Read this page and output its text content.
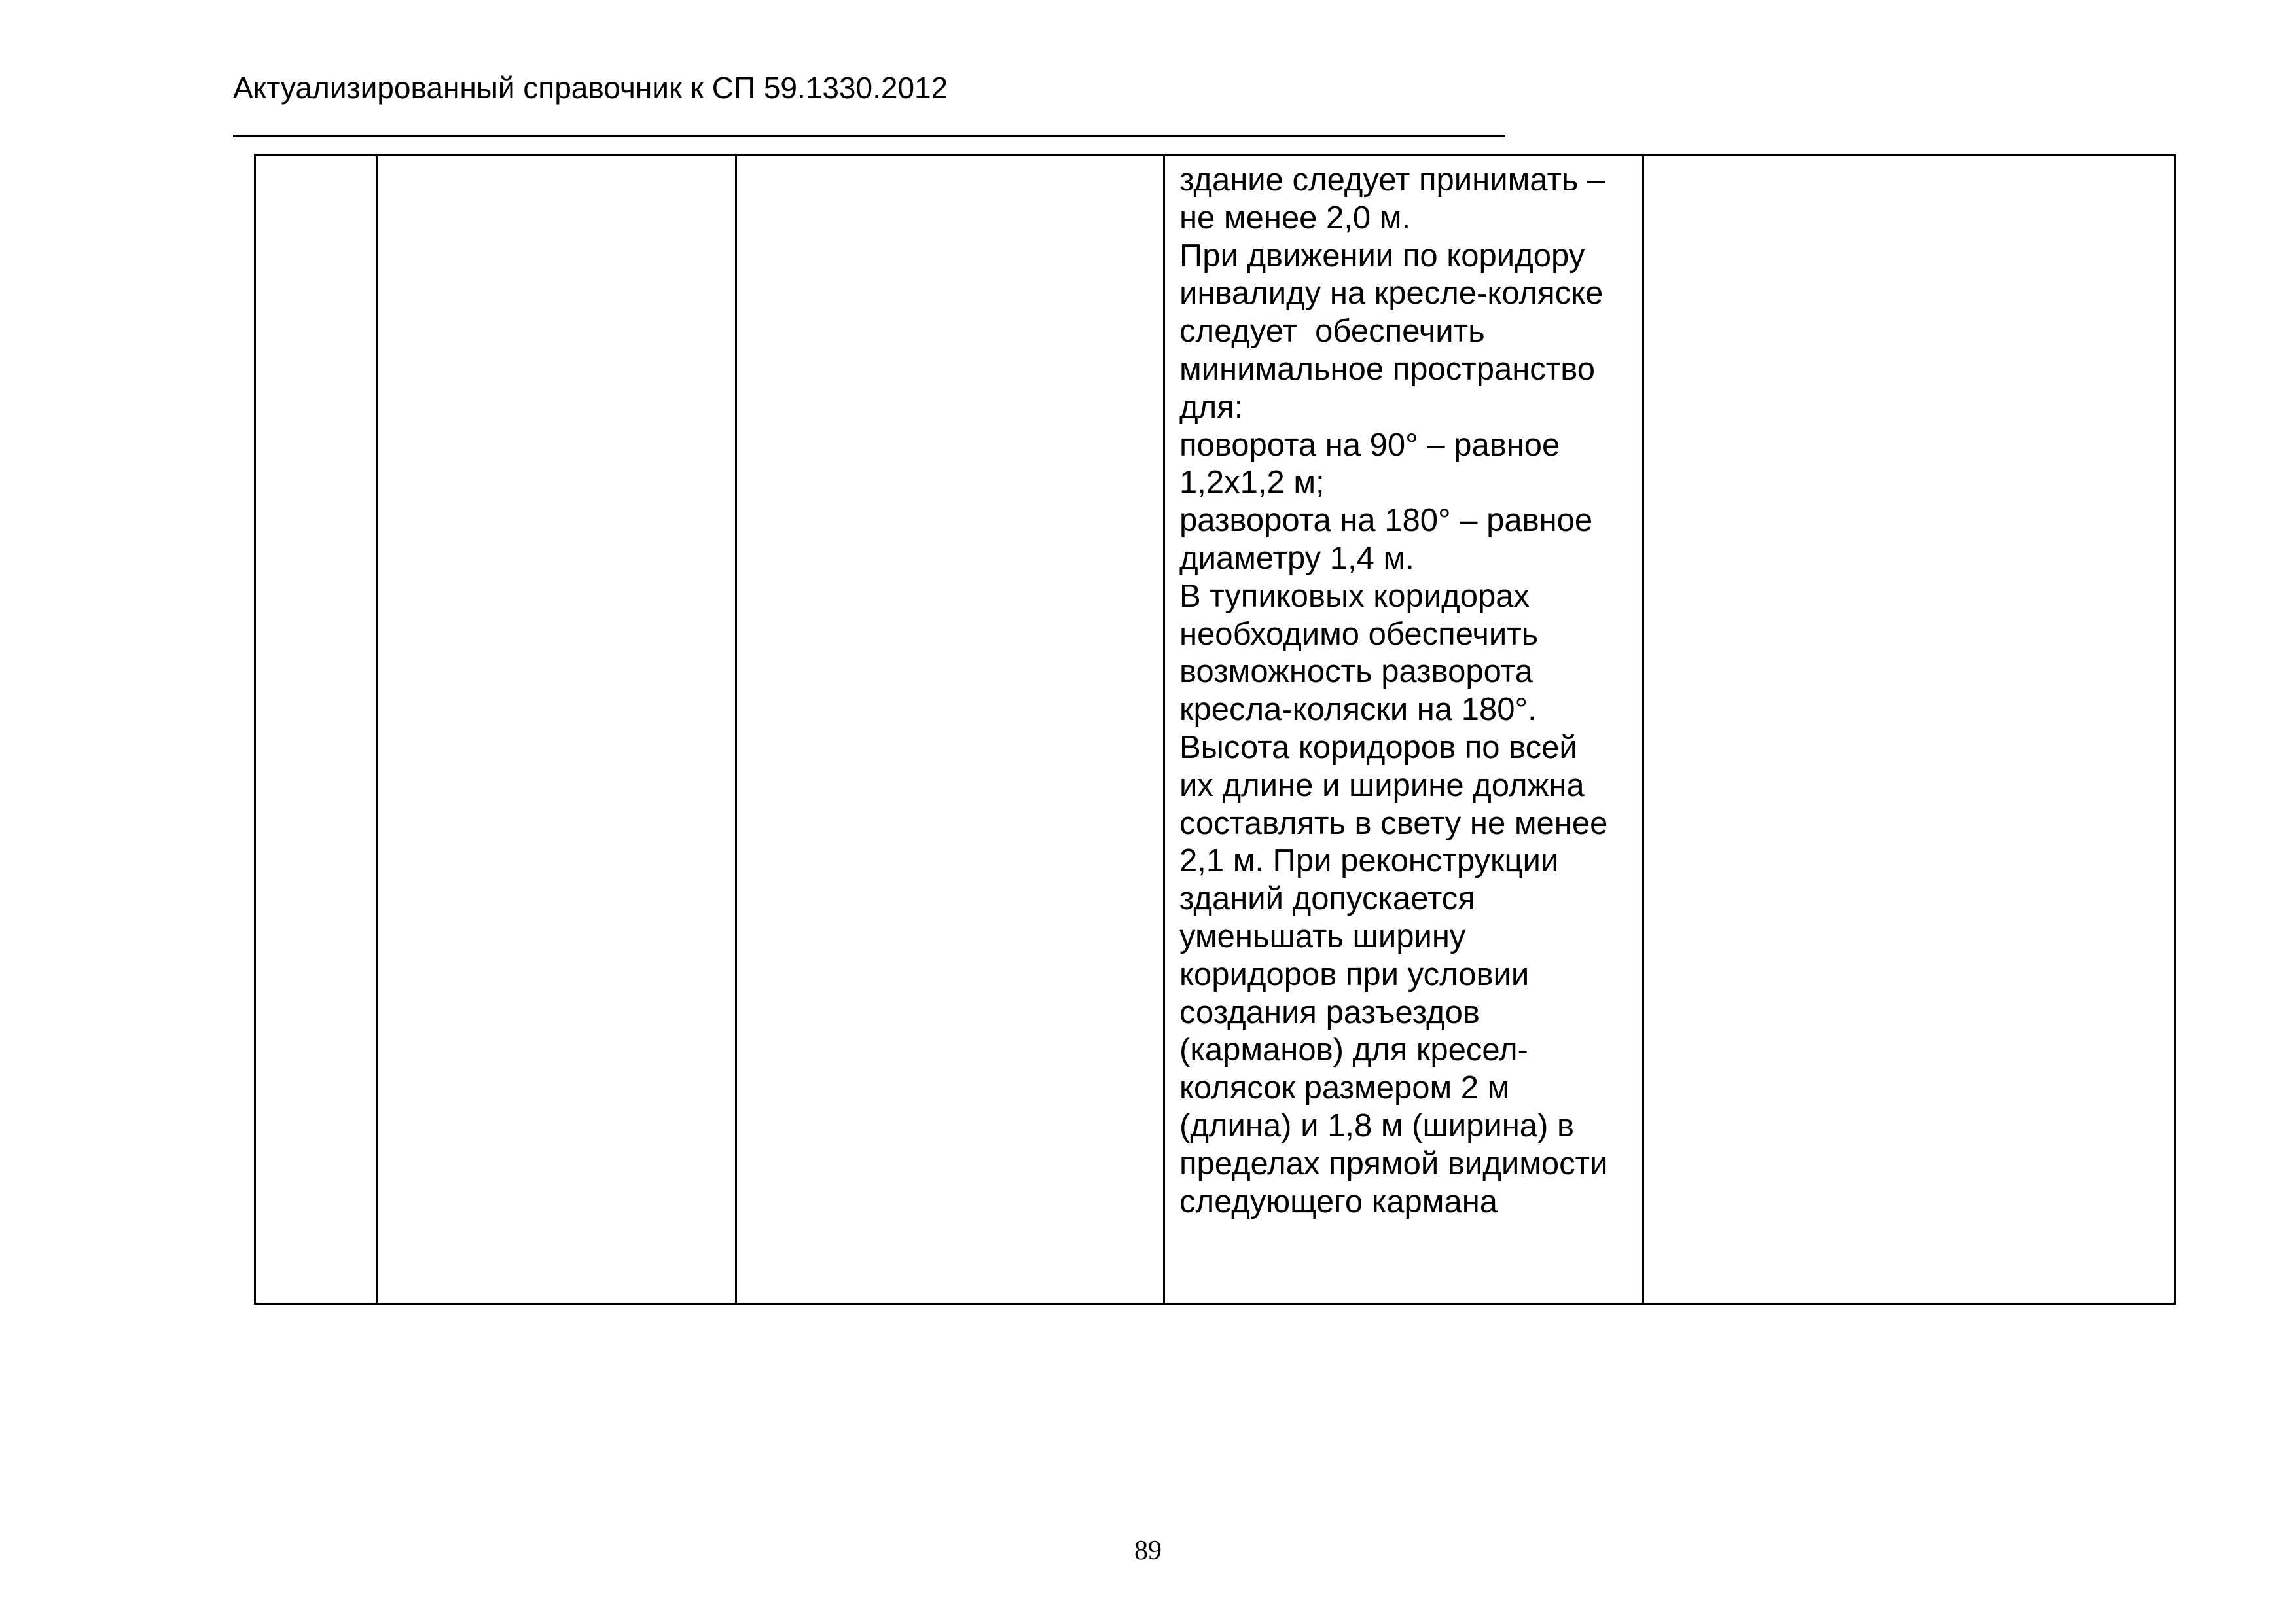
Актуализированный справочник к СП 59.1330.2012

здание следует принимать –
не менее 2,0 м.
При движении по коридору
инвалиду на кресле-коляске
следует  обеспечить
минимальное пространство
для:
поворота на 90° – равное
1,2х1,2 м;
разворота на 180° – равное
диаметру 1,4 м.
В тупиковых коридорах
необходимо обеспечить
возможность разворота
кресла-коляски на 180°.
Высота коридоров по всей
их длине и ширине должна
составлять в свету не менее
2,1 м. При реконструкции
зданий допускается
уменьшать ширину
коридоров при условии
создания разъездов
(карманов) для кресел-
колясок размером 2 м
(длина) и 1,8 м (ширина) в
пределах прямой видимости
следующего кармана

89
